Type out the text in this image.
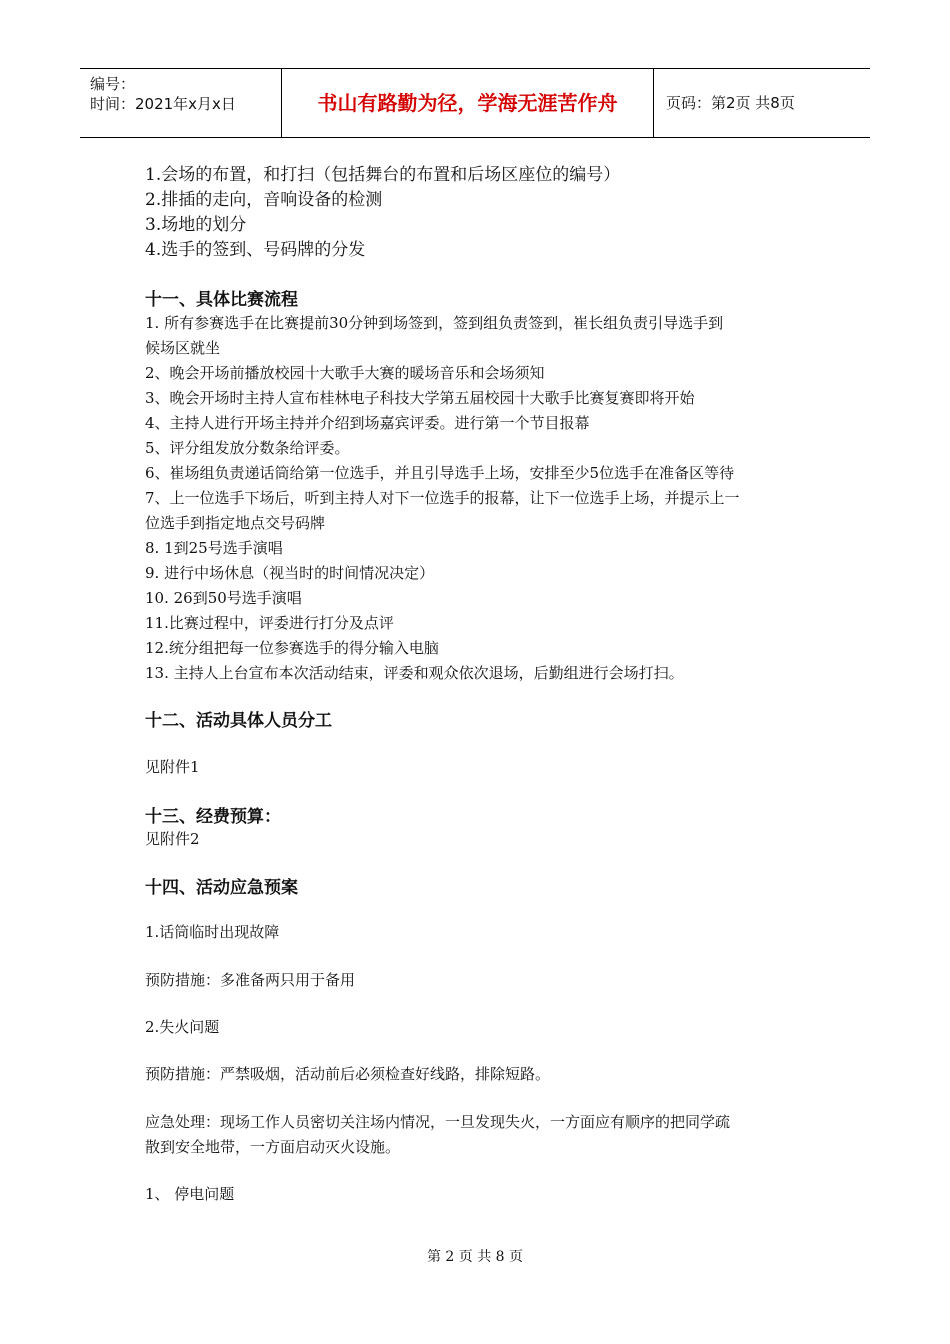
编号：
时间：2021年x月x日	书山有路勤为径，学海无涯苦作舟	页码：第2页 共8页
1.会场的布置，和打扫（包括舞台的布置和后场区座位的编号）
2.排插的走向，音响设备的检测
3.场地的划分
4.选手的签到、号码牌的分发
十一、具体比赛流程
1. 所有参赛选手在比赛提前30分钟到场签到，签到组负责签到，崔长组负责引导选手到
候场区就坐
2、晚会开场前播放校园十大歌手大赛的暖场音乐和会场须知
3、晚会开场时主持人宣布桂林电子科技大学第五届校园十大歌手比赛复赛即将开始
4、主持人进行开场主持并介绍到场嘉宾评委。进行第一个节目报幕
5、评分组发放分数条给评委。
6、崔场组负责递话筒给第一位选手，并且引导选手上场，安排至少5位选手在准备区等待
7、上一位选手下场后，听到主持人对下一位选手的报幕，让下一位选手上场，并提示上一
位选手到指定地点交号码牌
8. 1到25号选手演唱
9. 进行中场休息（视当时的时间情况决定）
10. 26到50号选手演唱
11.比赛过程中，评委进行打分及点评
12.统分组把每一位参赛选手的得分输入电脑
13. 主持人上台宣布本次活动结束，评委和观众依次退场，后勤组进行会场打扫。
十二、活动具体人员分工
见附件1
十三、经费预算：
见附件2
十四、活动应急预案
1.话筒临时出现故障
预防措施：多准备两只用于备用
2.失火问题
预防措施：严禁吸烟，活动前后必须检查好线路，排除短路。
应急处理：现场工作人员密切关注场内情况，一旦发现失火，一方面应有顺序的把同学疏
散到安全地带，一方面启动灭火设施。
1、 停电问题
第 2 页 共 8 页
